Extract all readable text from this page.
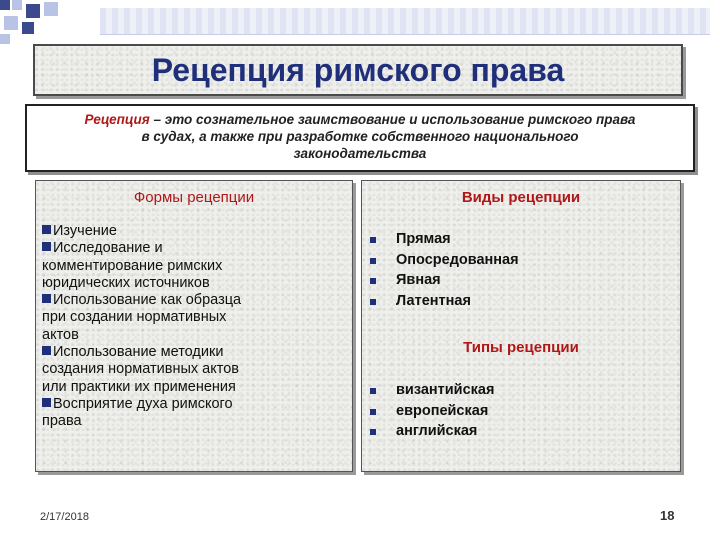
Рецепция римского права
Рецепция – это сознательное заимствование и использование римского права
в судах, а также при разработке собственного национального
законодательства
Формы рецепции
Изучение
Исследование и
комментирование римских
юридических источников
Использование как образца
при создании нормативных
актов
Использование методики
создания нормативных актов
или практики их применения
Восприятие духа римского
права
Виды рецепции
Прямая
Опосредованная
Явная
Латентная
Типы рецепции
византийская
европейская
английская
2/17/2018	18
